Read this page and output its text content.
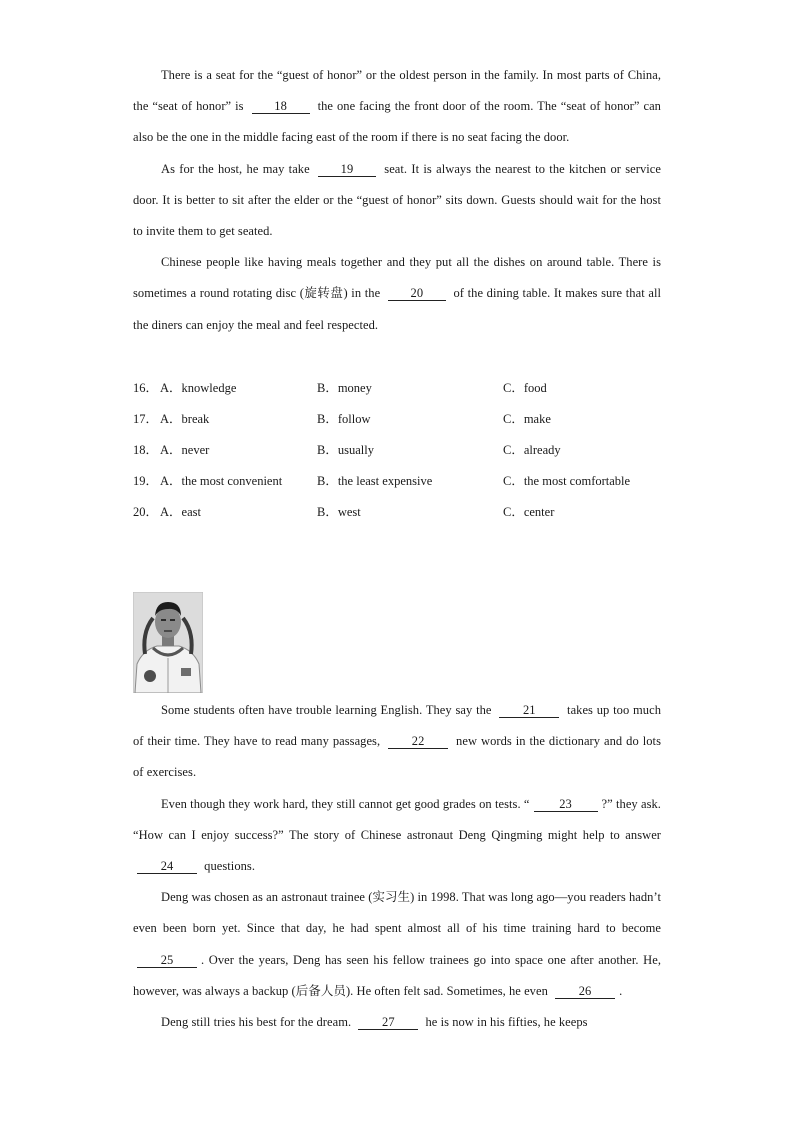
There is a seat for the “guest of honor” or the oldest person in the family. In most parts of China, the “seat of honor” is 18 the one facing the front door of the room. The “seat of honor” can also be the one in the middle facing east of the room if there is no seat facing the door.

As for the host, he may take 19 seat. It is always the nearest to the kitchen or service door. It is better to sit after the elder or the “guest of honor” sits down. Guests should wait for the host to invite them to get seated.

Chinese people like having meals together and they put all the dishes on around table. There is sometimes a round rotating disc (旋转盘) in the 20 of the dining table. It makes sure that all the diners can enjoy the meal and feel respected.

16． A．knowledge	B．money	C．food
17． A．break	B．follow	C．make
18． A．never	B．usually	C．already
19． A．the most convenient	B．the least expensive	C．the most comfortable
20． A．east	B．west	C．center

Some students often have trouble learning English. They say the 21 takes up too much of their time. They have to read many passages, 22 new words in the dictionary and do lots of exercises.

Even though they work hard, they still cannot get good grades on tests. “ 23 ?” they ask. “How can I enjoy success?” The story of Chinese astronaut Deng Qingming might help to answer 24 questions.

Deng was chosen as an astronaut trainee (实习生) in 1998. That was long ago—you readers hadn’t even been born yet. Since that day, he had spent almost all of his time training hard to become 25 . Over the years, Deng has seen his fellow trainees go into space one after another. He, however, was always a backup (后备人员). He often felt sad. Sometimes, he even 26 .

Deng still tries his best for the dream. 27 he is now in his fifties, he keeps
